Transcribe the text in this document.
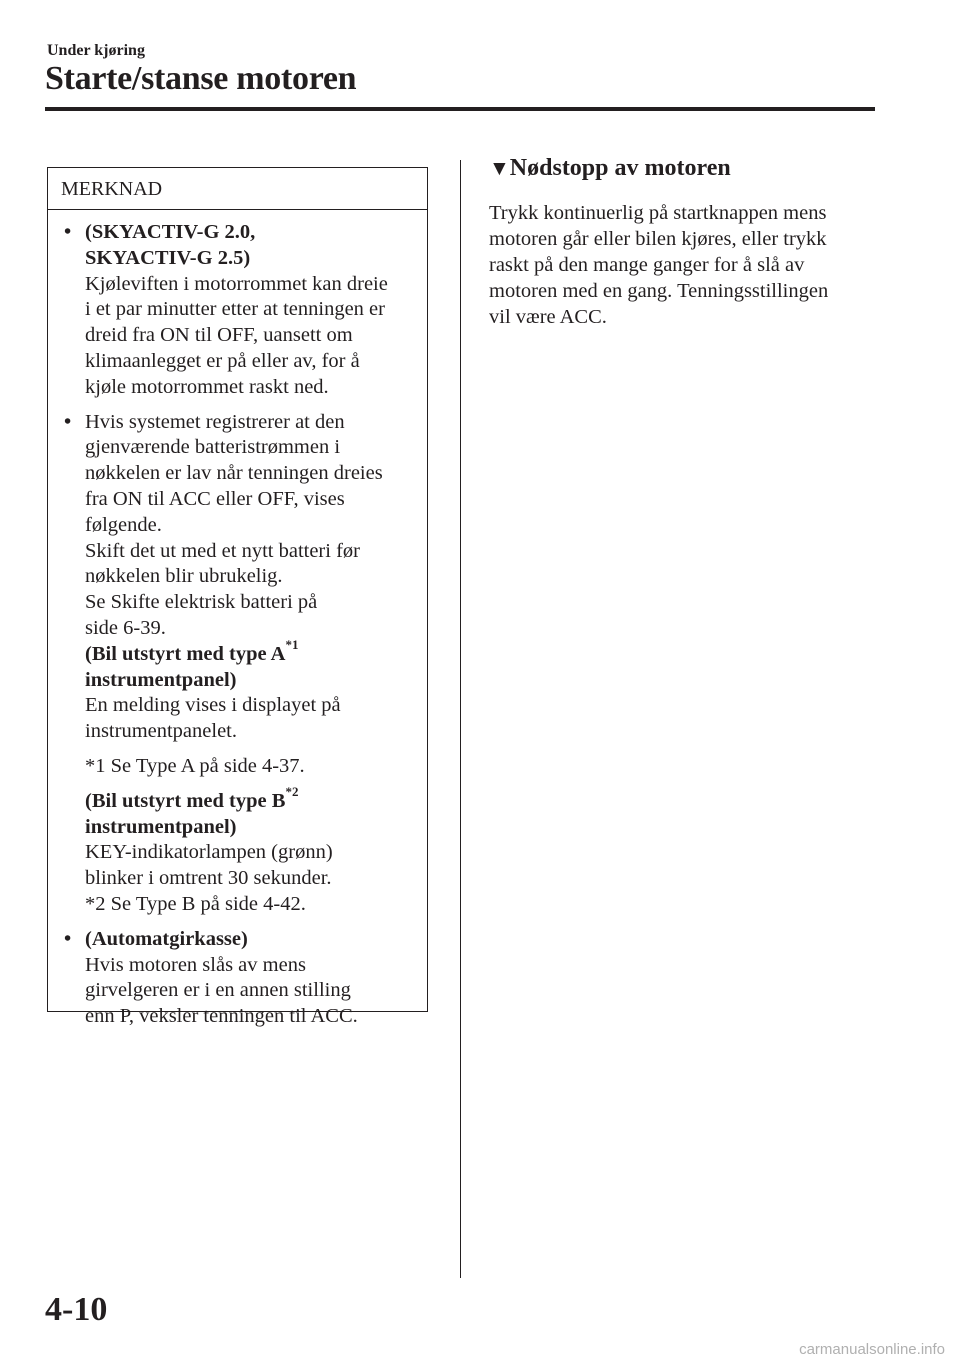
Under kjøring
Starte/stanse motoren
MERKNAD
• (SKYACTIV-G 2.0,
SKYACTIV-G 2.5)
Kjøleviften i motorrommet kan dreie
i et par minutter etter at tenningen er
dreid fra ON til OFF, uansett om
klimaanlegget er på eller av, for å
kjøle motorrommet raskt ned.
• Hvis systemet registrerer at den
gjenværende batteristrømmen i
nøkkelen er lav når tenningen dreies
fra ON til ACC eller OFF, vises
følgende.
Skift det ut med et nytt batteri før
nøkkelen blir ubrukelig.
Se Skifte elektrisk batteri på
side 6-39.
(Bil utstyrt med type $A^{*1}$
instrumentpanel)
En melding vises i displayet på
instrumentpanelet.
*1 Se Type A på side 4-37.
(Bil utstyrt med type $B^{*2}$
instrumentpanel)
KEY-indikatorlampen (grønn)
blinker i omtrent 30 sekunder.
*2 Se Type B på side 4-42.
• (Automatgirkasse)
Hvis motoren slås av mens
girvelgeren er i en annen stilling
enn P, veksler tenningen til ACC.
▼Nødstopp av motoren
Trykk kontinuerlig på startknappen mens
motoren går eller bilen kjøres, eller trykk
raskt på den mange ganger for å slå av
motoren med en gang. Tenningsstillingen
vil være ACC.
4-10
carmanualsonline.info
